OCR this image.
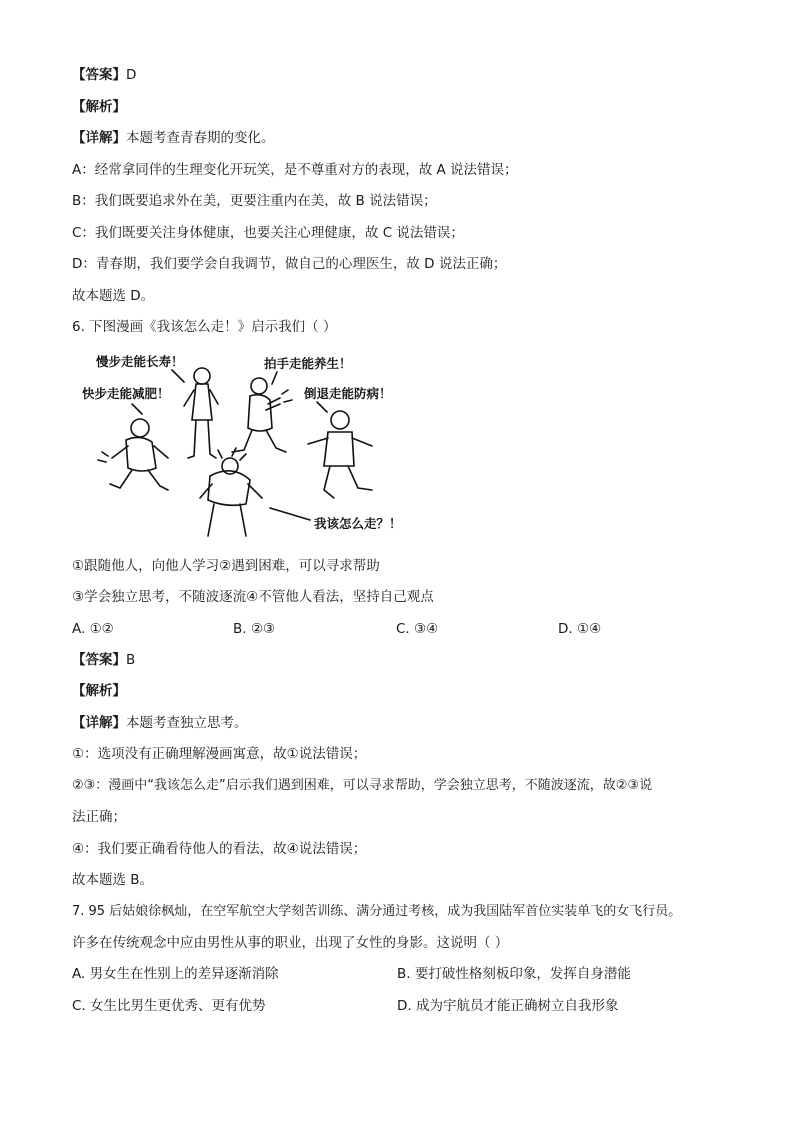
【答案】D
【解析】
【详解】本题考查青春期的变化。
A：经常拿同伴的生理变化开玩笑，是不尊重对方的表现，故 A 说法错误；
B：我们既要追求外在美，更要注重内在美，故 B 说法错误；
C：我们既要关注身体健康，也要关注心理健康，故 C 说法错误；
D：青春期，我们要学会自我调节，做自己的心理医生，故 D 说法正确；
故本题选 D。
6. 下图漫画《我该怎么走！》启示我们（ ）
慢步走能长寿！	拍手走能养生！
快步走能减肥！	倒退走能防病！
我该怎么走？！
①跟随他人，向他人学习②遇到困难，可以寻求帮助
③学会独立思考，不随波逐流④不管他人看法，坚持自己观点
A. ①②	B. ②③	C. ③④	D. ①④
【答案】B
【解析】
【详解】本题考查独立思考。
①：选项没有正确理解漫画寓意，故①说法错误；
②③：漫画中“我该怎么走”启示我们遇到困难，可以寻求帮助，学会独立思考，不随波逐流，故②③说
法正确；
④：我们要正确看待他人的看法，故④说法错误；
故本题选 B。
7. 95 后姑娘徐枫灿，在空军航空大学刻苦训练、满分通过考核，成为我国陆军首位实装单飞的女飞行员。
许多在传统观念中应由男性从事的职业，出现了女性的身影。这说明（ ）
A. 男女生在性别上的差异逐渐消除	B. 要打破性格刻板印象，发挥自身潜能
C. 女生比男生更优秀、更有优势	D. 成为宇航员才能正确树立自我形象
